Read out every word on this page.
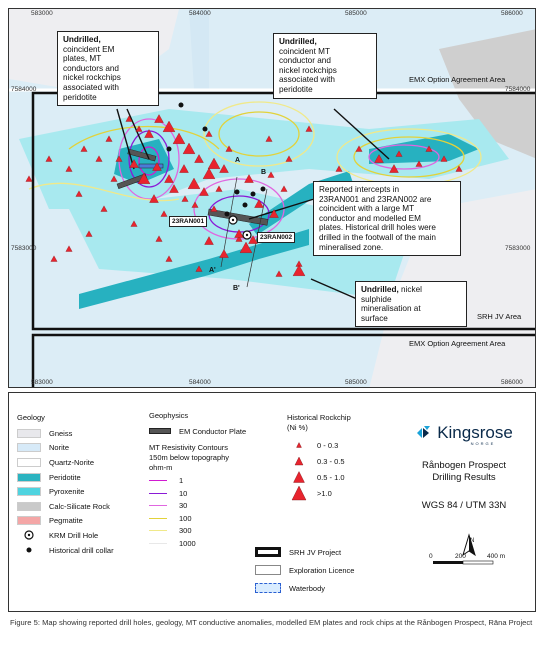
583000	584000	585000	586000
583000	584000	585000	586000
7584000
7583000
7584000
7583000
EMX Option Agreement Area
SRH JV Area
EMX Option Agreement Area
23RAN001
23RAN002
A
A'
B
B'
Undrilled,
coincident EM
plates, MT
conductors and
nickel rockchips
associated with
peridotite
Undrilled,
coincident MT
conductor and
nickel rockchips
associated with
peridotite
Reported intercepts in
23RAN001 and 23RAN002 are
coincident with a large MT
conductor and modelled EM
plates. Historical drill holes were
drilled in the footwall of the main
mineralised zone.
Undrilled, nickel
sulphide
mineralisation at
surface
Geology
Gneiss
Norite
Quartz-Norite
Peridotite
Pyroxenite
Calc-Silicate Rock
Pegmatite
KRM Drill Hole
Historical drill collar
Geophysics
EM Conductor Plate
MT Resistivity Contours
150m below topography
ohm-m
1
10
30
100
300
1000
SRH JV Project
Exploration Licence
Waterbody
Historical Rockchip
(Ni %)
0 - 0.3
0.3 - 0.5
0.5 - 1.0
>1.0
Kingsrose
NORGE
Rånbogen Prospect
Drilling Results
WGS 84 / UTM 33N
N
0	200	400 m
Figure 5: Map showing reported drill holes, geology, MT conductive anomalies, modelled EM plates and rock chips at the Rånbogen Prospect, Rāna Project
